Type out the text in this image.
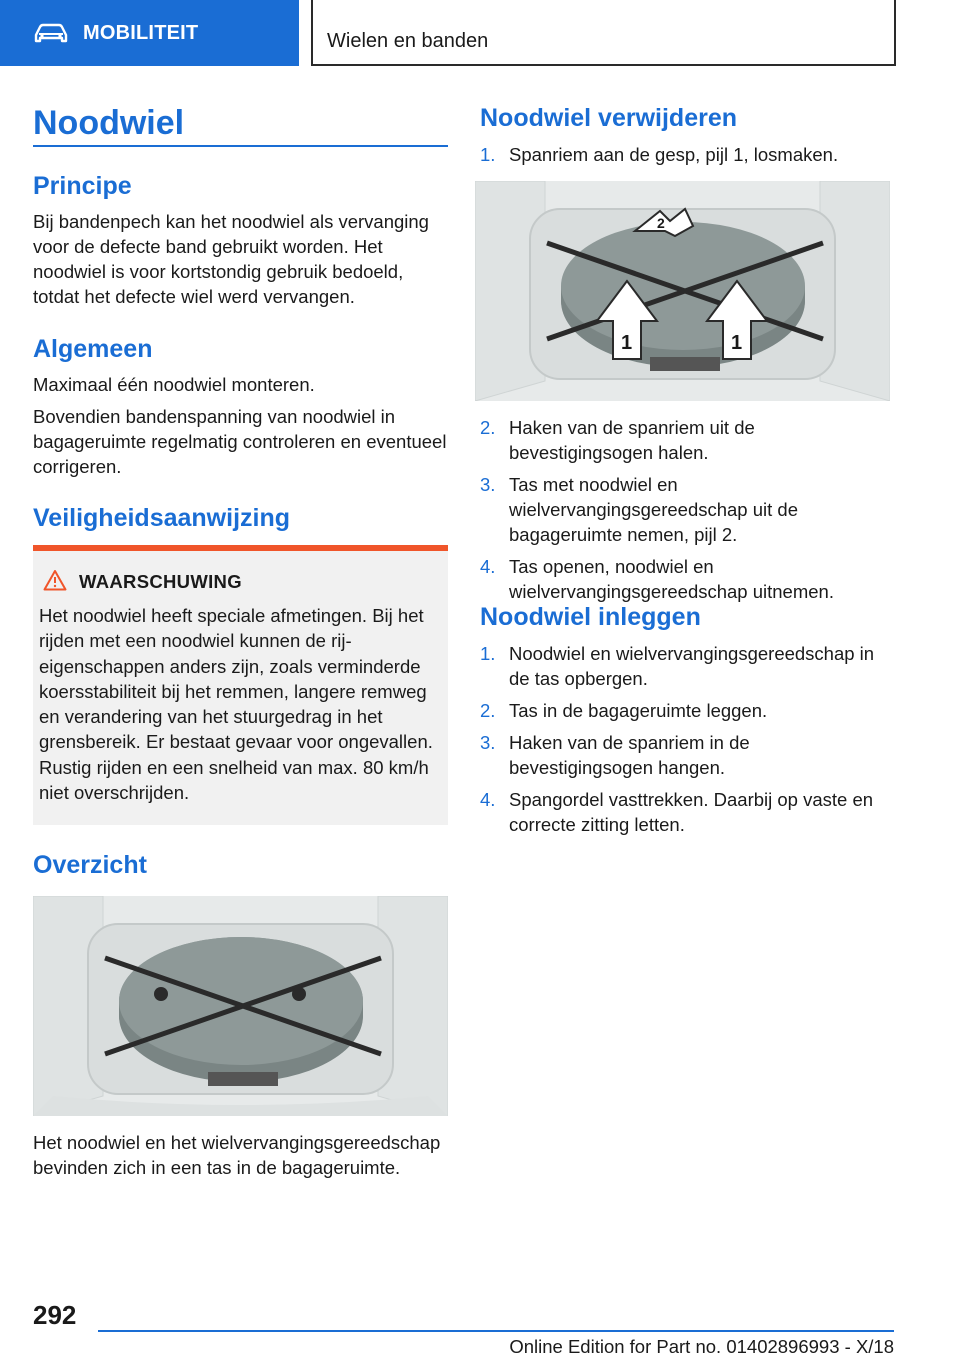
MOBILITEIT	Wielen en banden
Noodwiel
Principe
Bij bandenpech kan het noodwiel als vervanging voor de defecte band gebruikt worden. Het noodwiel is voor kortstondig gebruik bedoeld, totdat het defecte wiel werd vervangen.
Algemeen
Maximaal één noodwiel monteren.
Bovendien bandenspanning van noodwiel in bagageruimte regelmatig controleren en eventueel corrigeren.
Veiligheidsaanwijzing
WAARSCHUWING
Het noodwiel heeft speciale afmetingen. Bij het rijden met een noodwiel kunnen de rij-eigenschappen anders zijn, zoals verminderde koersstabiliteit bij het remmen, langere remweg en verandering van het stuurgedrag in het grensbereik. Er bestaat gevaar voor ongevallen. Rustig rijden en een snelheid van max. 80 km/h niet overschrijden.
Overzicht
Het noodwiel en het wielvervangingsgereedschap bevinden zich in een tas in de bagageruimte.
Noodwiel verwijderen
1. Spanriem aan de gesp, pijl 1, losmaken.
2
1	1
2. Haken van de spanriem uit de bevestigingsogen halen.
3. Tas met noodwiel en wielvervangingsgereedschap uit de bagageruimte nemen, pijl 2.
4. Tas openen, noodwiel en wielvervangingsgereedschap uitnemen.
Noodwiel inleggen
1. Noodwiel en wielvervangingsgereedschap in de tas opbergen.
2. Tas in de bagageruimte leggen.
3. Haken van de spanriem in de bevestigingsogen hangen.
4. Spangordel vasttrekken. Daarbij op vaste en correcte zitting letten.
292
Online Edition for Part no. 01402896993 - X/18
